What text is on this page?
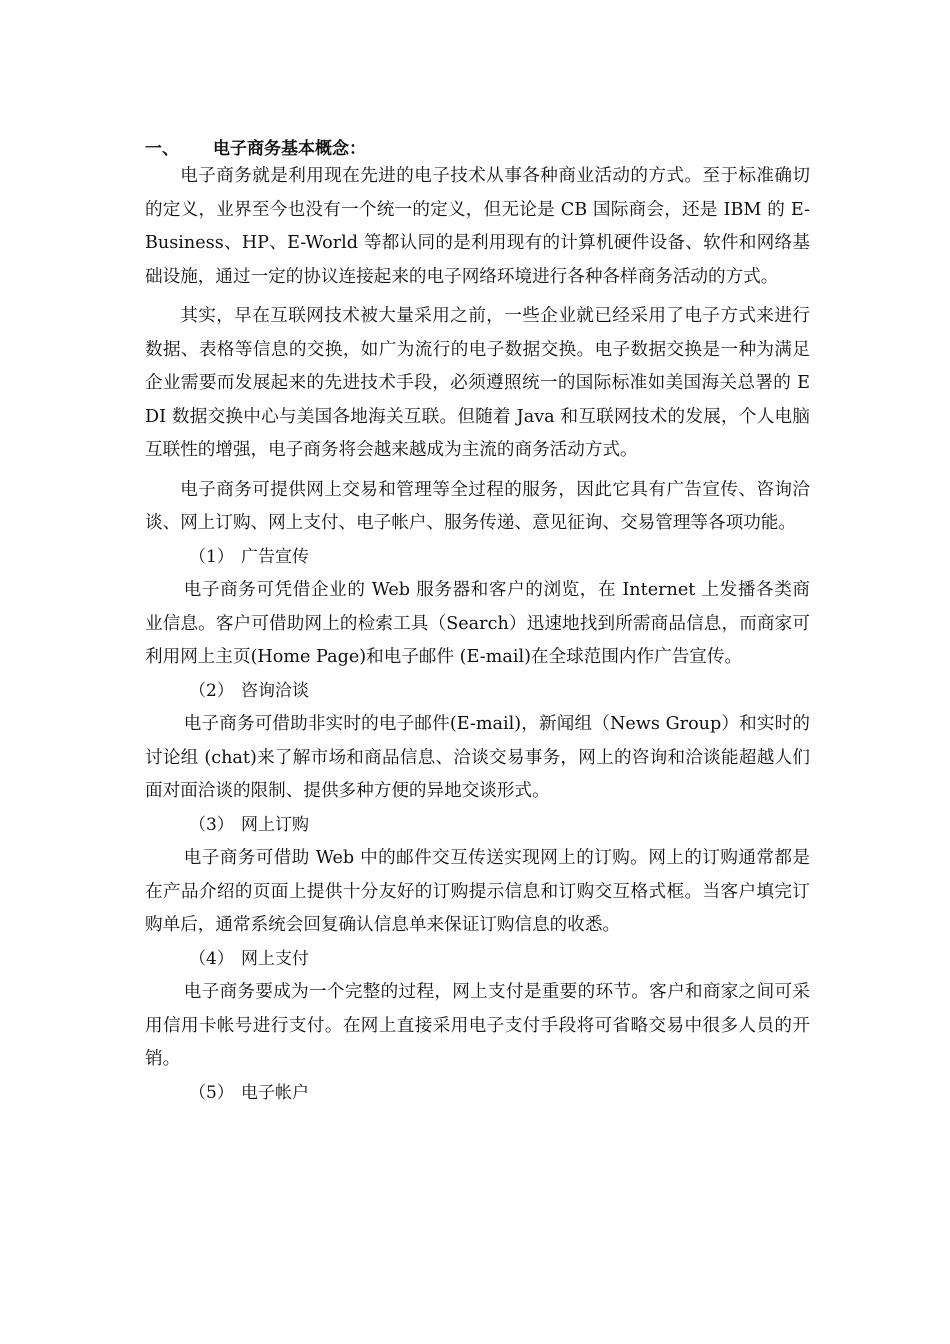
一、 电子商务基本概念：

电子商务就是利用现在先进的电子技术从事各种商业活动的方式。至于标准确切的定义，业界至今也没有一个统一的定义，但无论是 CB 国际商会，还是 IBM 的 E-Business、HP、E-World 等都认同的是利用现有的计算机硬件设备、软件和网络基础设施，通过一定的协议连接起来的电子网络环境进行各种各样商务活动的方式。

其实，早在互联网技术被大量采用之前，一些企业就已经采用了电子方式来进行数据、表格等信息的交换，如广为流行的电子数据交换。电子数据交换是一种为满足企业需要而发展起来的先进技术手段，必须遵照统一的国际标准如美国海关总署的 EDI 数据交换中心与美国各地海关互联。但随着 Java 和互联网技术的发展，个人电脑互联性的增强，电子商务将会越来越成为主流的商务活动方式。

电子商务可提供网上交易和管理等全过程的服务，因此它具有广告宣传、咨询洽谈、网上订购、网上支付、电子帐户、服务传递、意见征询、交易管理等各项功能。

（1） 广告宣传

电子商务可凭借企业的 Web 服务器和客户的浏览，在 Internet 上发播各类商业信息。客户可借助网上的检索工具（Search）迅速地找到所需商品信息，而商家可利用网上主页(Home Page)和电子邮件 (E-mail)在全球范围内作广告宣传。

（2） 咨询洽谈

电子商务可借助非实时的电子邮件(E-mail)，新闻组（News Group）和实时的讨论组 (chat)来了解市场和商品信息、洽谈交易事务，网上的咨询和洽谈能超越人们面对面洽谈的限制、提供多种方便的异地交谈形式。

（3） 网上订购

电子商务可借助 Web 中的邮件交互传送实现网上的订购。网上的订购通常都是在产品介绍的页面上提供十分友好的订购提示信息和订购交互格式框。当客户填完订购单后，通常系统会回复确认信息单来保证订购信息的收悉。

（4） 网上支付

电子商务要成为一个完整的过程，网上支付是重要的环节。客户和商家之间可采用信用卡帐号进行支付。在网上直接采用电子支付手段将可省略交易中很多人员的开销。

（5） 电子帐户
